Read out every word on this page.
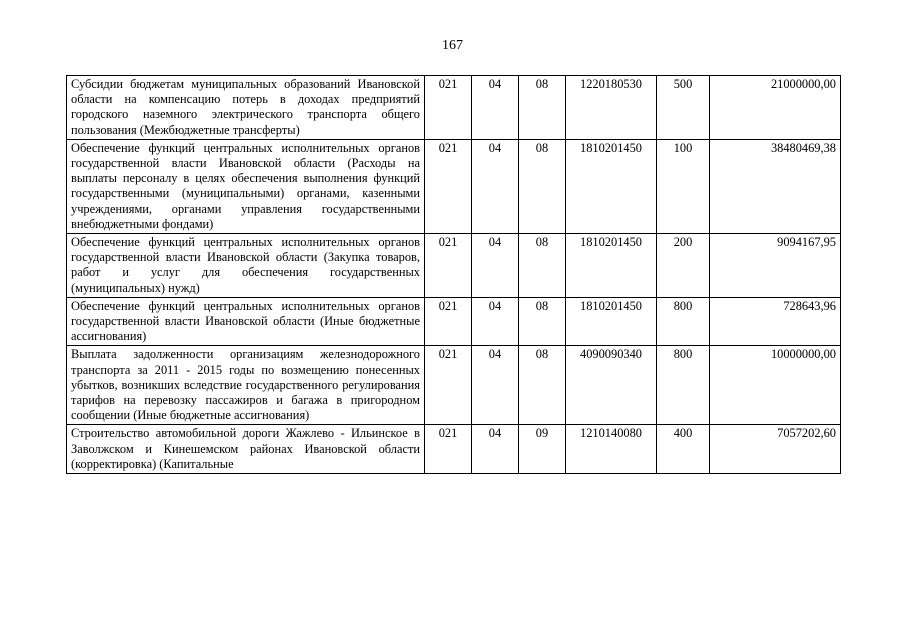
167
Субсидии бюджетам муниципальных образований Ивановской области на компенсацию потерь в доходах предприятий городского наземного электрического транспорта общего пользования (Межбюджетные трансферты)	021	04	08	1220180530	500	21000000,00
Обеспечение функций центральных исполнительных органов государственной власти Ивановской области (Расходы на выплаты персоналу в целях обеспечения выполнения функций государственными (муниципальными) органами, казенными учреждениями, органами управления государственными внебюджетными фондами)	021	04	08	1810201450	100	38480469,38
Обеспечение функций центральных исполнительных органов государственной власти Ивановской области (Закупка товаров, работ и услуг для обеспечения государственных (муниципальных) нужд)	021	04	08	1810201450	200	9094167,95
Обеспечение функций центральных исполнительных органов государственной власти Ивановской области (Иные бюджетные ассигнования)	021	04	08	1810201450	800	728643,96
Выплата задолженности организациям железнодорожного транспорта за 2011 - 2015 годы по возмещению понесенных убытков, возникших вследствие государственного регулирования тарифов на перевозку пассажиров и багажа в пригородном сообщении (Иные бюджетные ассигнования)	021	04	08	4090090340	800	10000000,00
Строительство автомобильной дороги Жажлево - Ильинское в Заволжском и Кинешемском районах Ивановской области (корректировка) (Капитальные	021	04	09	1210140080	400	7057202,60
